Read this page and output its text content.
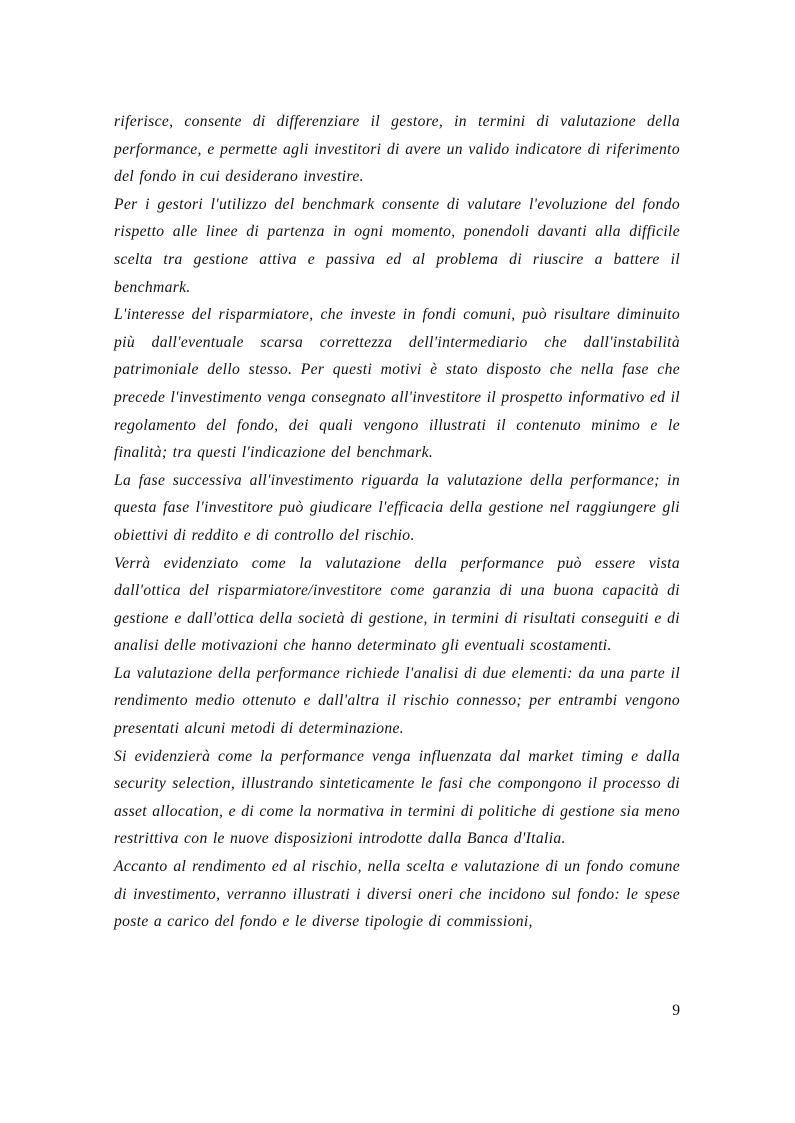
riferisce, consente di differenziare il gestore, in termini di valutazione della performance, e permette agli investitori di avere un valido indicatore di riferimento del fondo in cui desiderano investire.

Per i gestori l'utilizzo del benchmark consente di valutare l'evoluzione del fondo rispetto alle linee di partenza in ogni momento, ponendoli davanti alla difficile scelta tra gestione attiva e passiva ed al problema di riuscire a battere il benchmark.

L'interesse del risparmiatore, che investe in fondi comuni, può risultare diminuito più dall'eventuale scarsa correttezza dell'intermediario che dall'instabilità patrimoniale dello stesso. Per questi motivi è stato disposto che nella fase che precede l'investimento venga consegnato all'investitore il prospetto informativo ed il regolamento del fondo, dei quali vengono illustrati il contenuto minimo e le finalità; tra questi l'indicazione del benchmark.

La fase successiva all'investimento riguarda la valutazione della performance; in questa fase l'investitore può giudicare l'efficacia della gestione nel raggiungere gli obiettivi di reddito e di controllo del rischio.

Verrà evidenziato come la valutazione della performance può essere vista dall'ottica del risparmiatore/investitore come garanzia di una buona capacità di gestione e dall'ottica della società di gestione, in termini di risultati conseguiti e di analisi delle motivazioni che hanno determinato gli eventuali scostamenti.

La valutazione della performance richiede l'analisi di due elementi: da una parte il rendimento medio ottenuto e dall'altra il rischio connesso; per entrambi vengono presentati alcuni metodi di determinazione.

Si evidenzierà come la performance venga influenzata dal market timing e dalla security selection, illustrando sinteticamente le fasi che compongono il processo di asset allocation, e di come la normativa in termini di politiche di gestione sia meno restrittiva con le nuove disposizioni introdotte dalla Banca d'Italia.

Accanto al rendimento ed al rischio, nella scelta e valutazione di un fondo comune di investimento, verranno illustrati i diversi oneri che incidono sul fondo: le spese poste a carico del fondo e le diverse tipologie di commissioni,

9
